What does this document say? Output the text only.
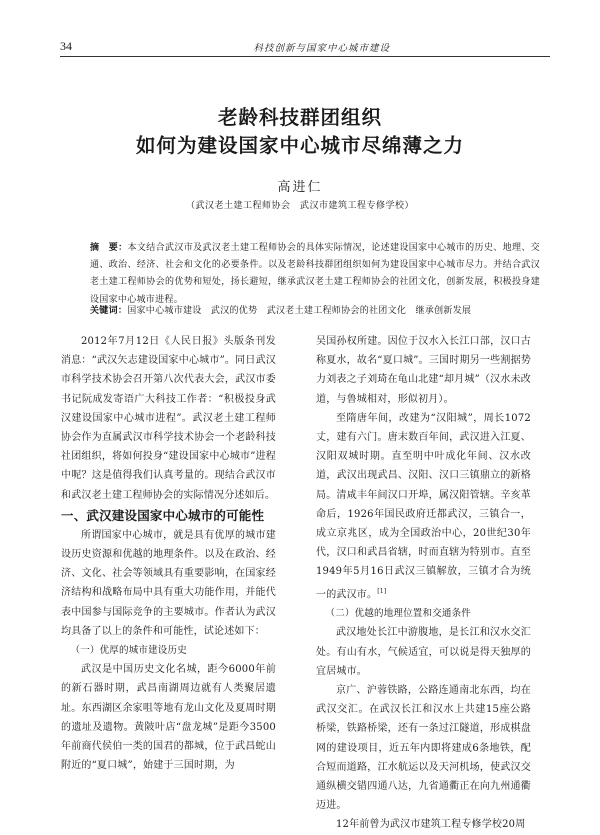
34	科技创新与国家中心城市建设
老龄科技群团组织
如何为建设国家中心城市尽绵薄之力
高进仁
（武汉老土建工程师协会　武汉市建筑工程专修学校）
摘　要：本文结合武汉市及武汉老土建工程师协会的具体实际情况，论述建设国家中心城市的历史、地理、交通、政治、经济、社会和文化的必要条件。以及老龄科技群团组织如何为建设国家中心城市尽力。并结合武汉老土建工程师协会的优势和短处，扬长避短，继承武汉老土建工程师协会的社团文化，创新发展，积极投身建设国家中心城市进程。
关键词：国家中心城市建设　武汉的优势　武汉老土建工程师协会的社团文化　继承创新发展

2012年7月12日《人民日报》头版条刊发消息：“武汉矢志建设国家中心城市”。同日武汉市科学技术协会召开第八次代表大会，武汉市委书记阮成发寄语广大科技工作者：“积极投身武汉建设国家中心城市进程”。武汉老土建工程师协会作为直属武汉市科学技术协会一个老龄科技社团组织，将如何投身“建设国家中心城市”进程中呢？这是值得我们认真考量的。现结合武汉市和武汉老土建工程师协会的实际情况分述如后。

一、武汉建设国家中心城市的可能性

所谓国家中心城市，就是具有优厚的城市建设历史资源和优越的地理条件。以及在政治、经济、文化、社会等领域具有重要影响，在国家经济结构和战略布局中具有重大功能作用，并能代表中国参与国际竞争的主要城市。作者认为武汉均具备了以上的条件和可能性，试论述如下：

（一）优厚的城市建设历史

武汉是中国历史文化名城，距今6000年前的新石器时期，武昌南湖周边就有人类聚居遗址。东西湖区余家咀等地有龙山文化及夏周时期的遗址及遗物。黄陂叶店“盘龙城”是距今3500年前商代侯伯一类的国君的都城，位于武昌蛇山附近的“夏口城”，始建于三国时期，为

吴国孙权所建。因位于汉水入长江口部，汉口古称夏水，故名“夏口城”。三国时期另一些割据势力刘表之子刘琦在龟山北建“却月城”（汉水未改道，与鲁城相对，形似初月）。

至隋唐年间，改建为“汉阳城”，周长1072丈，建有六门。唐末数百年间，武汉进入江夏、汉阳双城时期。直至明中叶成化年间、汉水改道，武汉出现武昌、汉阳、汉口三镇鼎立的新格局。清咸丰年间汉口开埠，属汉阳管辖。辛亥革命后，1926年国民政府迁都武汉，三镇合一，成立京兆区，成为全国政治中心，20世纪30年代，汉口和武昌省辖，时而直辖为特别市。直至1949年5月16日武汉三镇解放，三镇才合为统一的武汉市。[1]

（二）优越的地理位置和交通条件

武汉地处长江中游腹地，是长江和汉水交汇处。有山有水，气候适宜，可以说是得天独厚的宜居城市。

京广、沪蓉铁路，公路连通南北东西，均在武汉交汇。在武汉长江和汉水上共建15座公路桥梁，铁路桥梁，还有一条过江隧道，形成棋盘网的建设项目，近五年内即将建成6条地铁，配合短而道路，江水航运以及天河机场，使武汉交通纵横交错四通八达，九省通衢正在向九州通衢迈进。

12年前曾为武汉市建筑工程专修学校20周
